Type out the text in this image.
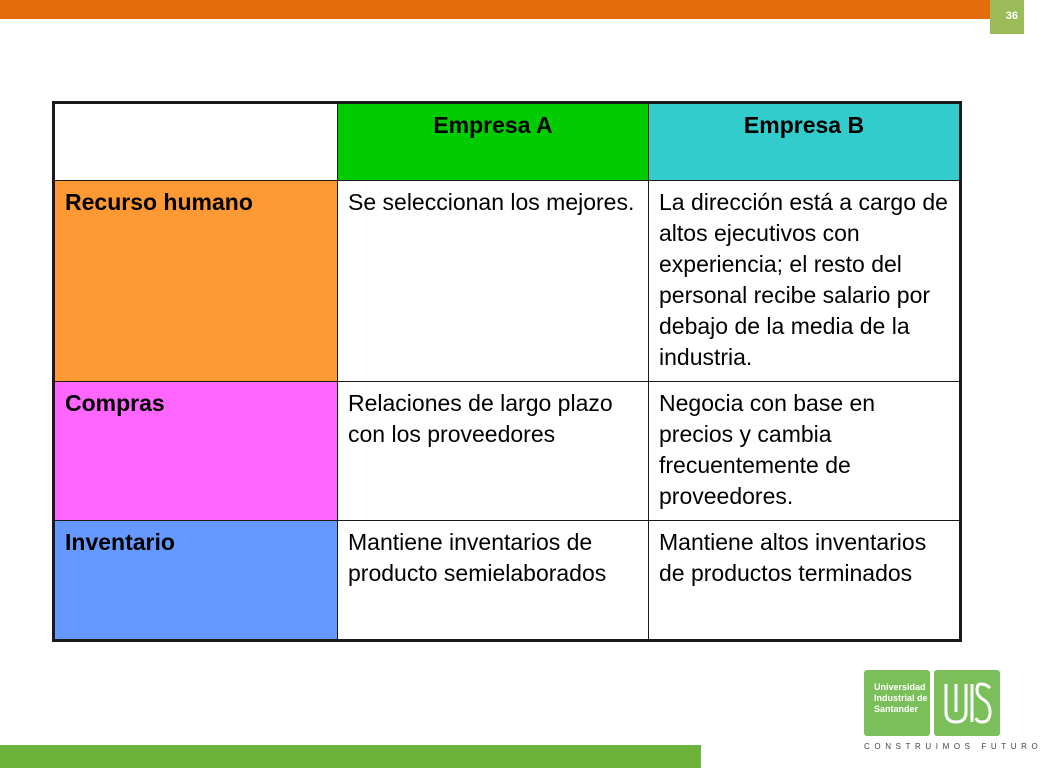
36
	Empresa A	Empresa B
Recurso humano	Se seleccionan los mejores.	La dirección está a cargo de altos ejecutivos con experiencia; el resto del personal recibe salario por debajo de la media de la industria.
Compras	Relaciones de largo plazo con los proveedores	Negocia con base en precios y cambia frecuentemente de proveedores.
Inventario	Mantiene inventarios de producto semielaborados	Mantiene altos inventarios de productos terminados
Universidad
Industrial de
Santander
CONSTRUIMOS FUTURO
